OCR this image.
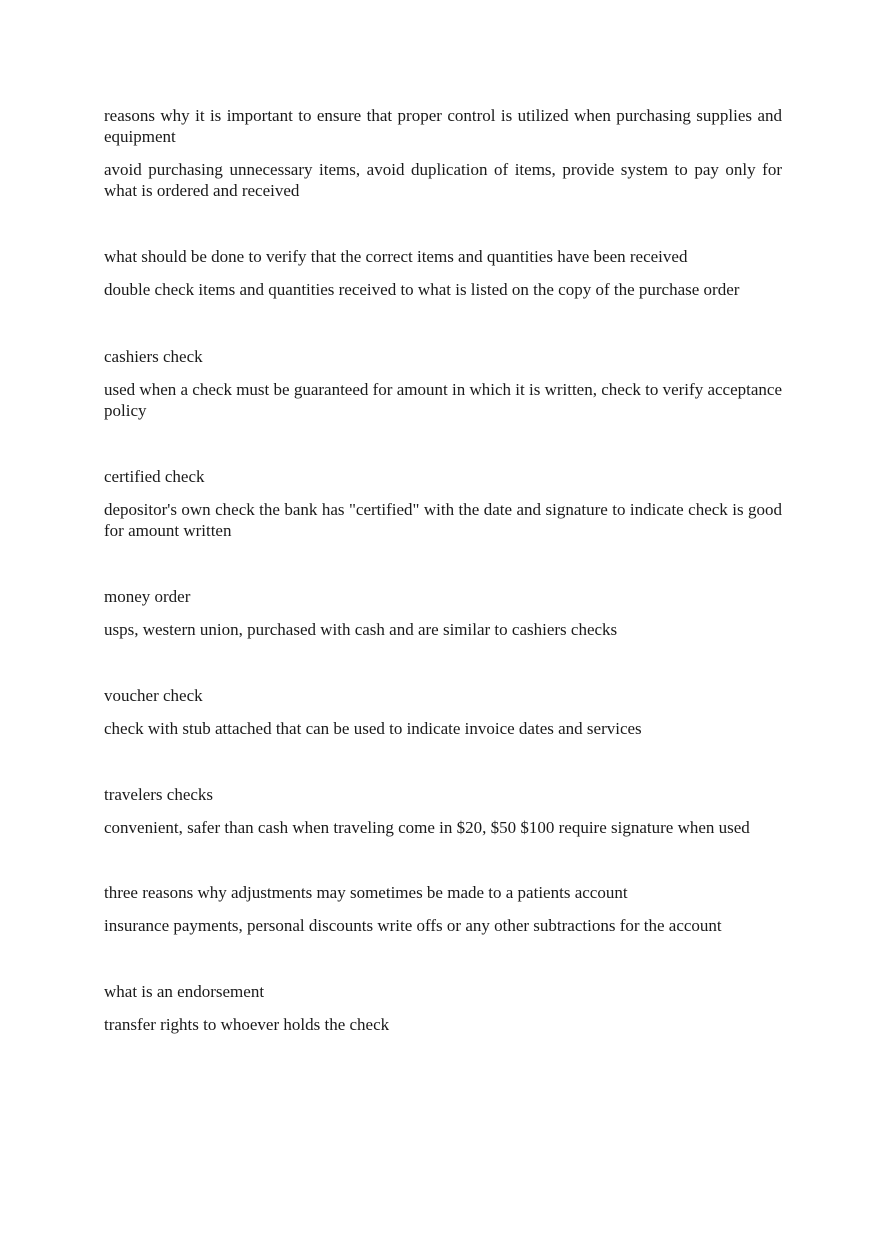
reasons why it is important to ensure that proper control is utilized when purchasing supplies and equipment

avoid purchasing unnecessary items, avoid duplication of items, provide system to pay only for what is ordered and received

what should be done to verify that the correct items and quantities have been received

double check items and quantities received to what is listed on the copy of the purchase order

cashiers check

used when a check must be guaranteed for amount in which it is written, check to verify acceptance policy

certified check

depositor's own check the bank has "certified" with the date and signature to indicate check is good for amount written

money order

usps, western union, purchased with cash and are similar to cashiers checks

voucher check

check with stub attached that can be used to indicate invoice dates and services

travelers checks

convenient, safer than cash when traveling come in $20, $50 $100 require signature when used

three reasons why adjustments may sometimes be made to a patients account

insurance payments, personal discounts write offs or any other subtractions for the account

what is an endorsement

transfer rights to whoever holds the check
